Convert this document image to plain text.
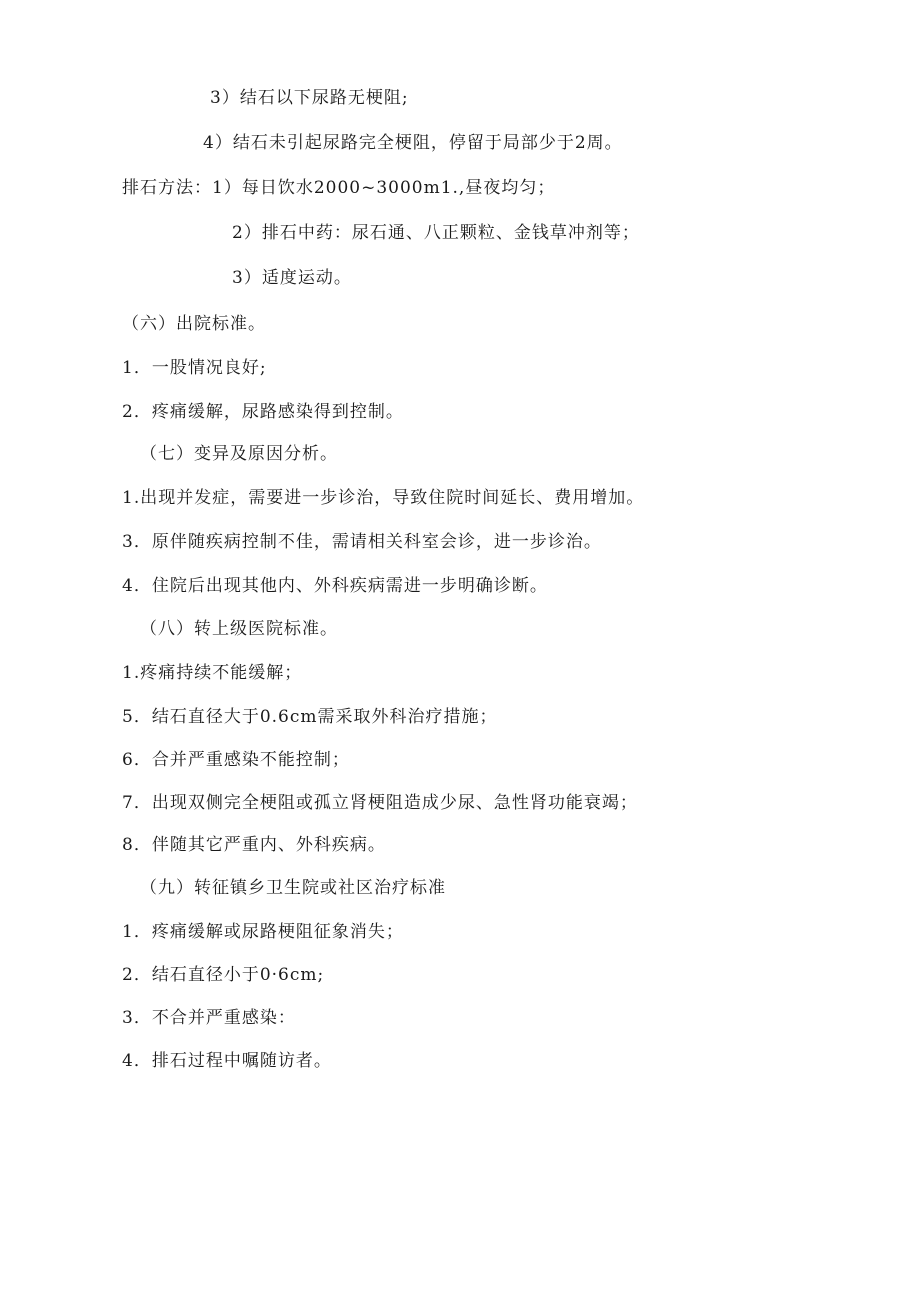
3）结石以下尿路无梗阻;
4）结石未引起尿路完全梗阻，停留于局部少于2周。
排石方法：1）每日饮水2000~3000m1.,昼夜均匀；
2）排石中药：尿石通、八正颗粒、金钱草冲剂等；
3）适度运动。
（六）出院标准。
1．一股情况良好;
2．疼痛缓解，尿路感染得到控制。
（七）变异及原因分析。
1.出现并发症，需要进一步诊治，导致住院时间延长、费用增加。
3．原伴随疾病控制不佳，需请相关科室会诊，进一步诊治。
4．住院后出现其他内、外科疾病需进一步明确诊断。
（八）转上级医院标准。
1.疼痛持续不能缓解；
5．结石直径大于0.6cm需采取外科治疗措施；
6．合并严重感染不能控制；
7．出现双侧完全梗阻或孤立肾梗阻造成少尿、急性肾功能衰竭；
8．伴随其它严重内、外科疾病。
（九）转征镇乡卫生院或社区治疗标准
1．疼痛缓解或尿路梗阻征象消失；
2．结石直径小于0·6cm;
3．不合并严重感染：
4．排石过程中嘱随访者。
